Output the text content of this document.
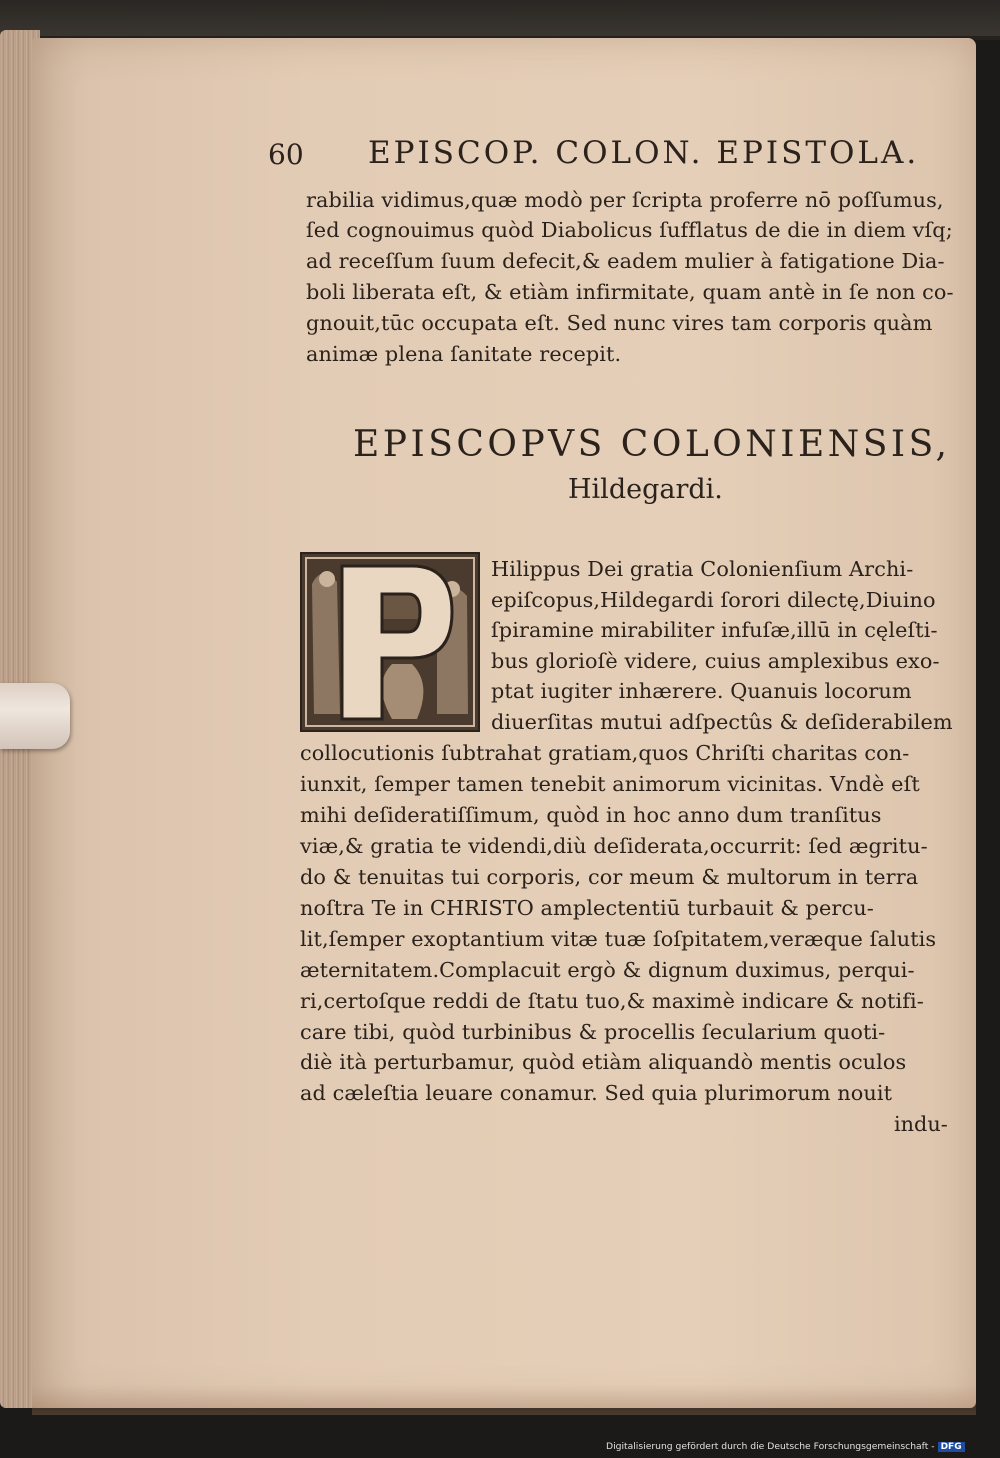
60 EPISCOP. COLON. EPISTOLA.
rabilia vidimus,quæ modò per ſcripta proferre nō poſſumus,
ſed cognouimus quòd Diabolicus ſufflatus de die in diem vſq;
ad receſſum ſuum defecit,& eadem mulier à fatigatione Dia-
boli liberata eſt, & etiàm infirmitate, quam antè in ſe non co-
gnouit,tūc occupata eſt. Sed nunc vires tam corporis quàm
animæ plena ſanitate recepit.
EPISCOPVS COLONIENSIS,
Hildegardi.
Hilippus Dei gratia Colonienſium Archi-
epiſcopus,Hildegardi ſorori dilectę,Diuino
ſpiramine mirabiliter infuſæ,illū in cęleſti-
bus glorioſè videre, cuius amplexibus exo-
ptat iugiter inhærere. Quanuis locorum
diuerſitas mutui adſpectûs & deſiderabilem
collocutionis ſubtrahat gratiam,quos Chriſti charitas con-
iunxit, ſemper tamen tenebit animorum vicinitas. Vndè eſt
mihi deſideratiſſimum, quòd in hoc anno dum tranſitus
viæ,& gratia te videndi,diù deſiderata,occurrit: ſed ægritu-
do & tenuitas tui corporis, cor meum & multorum in terra
noſtra Te in CHRISTO amplectentiū turbauit & percu-
lit,ſemper exoptantium vitæ tuæ ſoſpitatem,veræque ſalutis
æternitatem.Complacuit ergò & dignum duximus, perqui-
ri,certoſque reddi de ſtatu tuo,& maximè indicare & notifi-
care tibi, quòd turbinibus & procellis ſecularium quoti-
diè ità perturbamur, quòd etiàm aliquandò mentis oculos
ad cæleſtia leuare conamur. Sed quia plurimorum nouit
indu-
Digitalisierung gefördert durch die Deutsche Forschungsgemeinschaft - DFG
